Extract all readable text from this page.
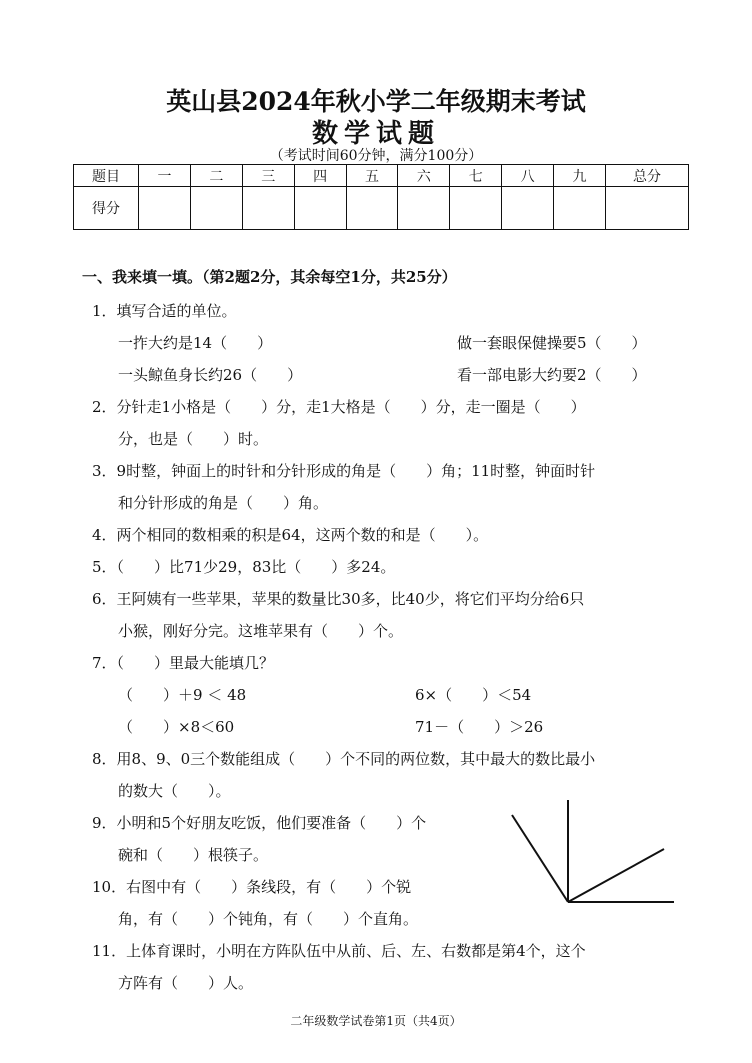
英山县2024年秋小学二年级期末考试
数学试题
（考试时间60分钟，满分100分）
题目	一	二	三	四	五	六	七	八	九	总分
得分										
一、我来填一填。（第2题2分，其余每空1分，共25分）
1．填写合适的单位。
一拃大约是14（　　）	做一套眼保健操要5（　　）
一头鲸鱼身长约26（　　）	看一部电影大约要2（　　）
2．分针走1小格是（　　）分，走1大格是（　　）分，走一圈是（　　）
分，也是（　　）时。
3．9时整，钟面上的时针和分针形成的角是（　　）角；11时整，钟面时针
和分针形成的角是（　　）角。
4．两个相同的数相乘的积是64，这两个数的和是（　　）。
5．（　　）比71少29，83比（　　）多24。
6．王阿姨有一些苹果，苹果的数量比30多，比40少，将它们平均分给6只
小猴，刚好分完。这堆苹果有（　　）个。
7．（　　）里最大能填几？
（　　）＋9 ＜ 48	6×（　　）＜54
（　　）×8＜60	71－（　　）＞26
8．用8、9、0三个数能组成（　　）个不同的两位数，其中最大的数比最小
的数大（　　）。
9．小明和5个好朋友吃饭，他们要准备（　　）个
碗和（　　）根筷子。
10．右图中有（　　）条线段，有（　　）个锐
角，有（　　）个钝角，有（　　）个直角。
11．上体育课时，小明在方阵队伍中从前、后、左、右数都是第4个，这个
方阵有（　　）人。
二年级数学试卷第1页（共4页）
